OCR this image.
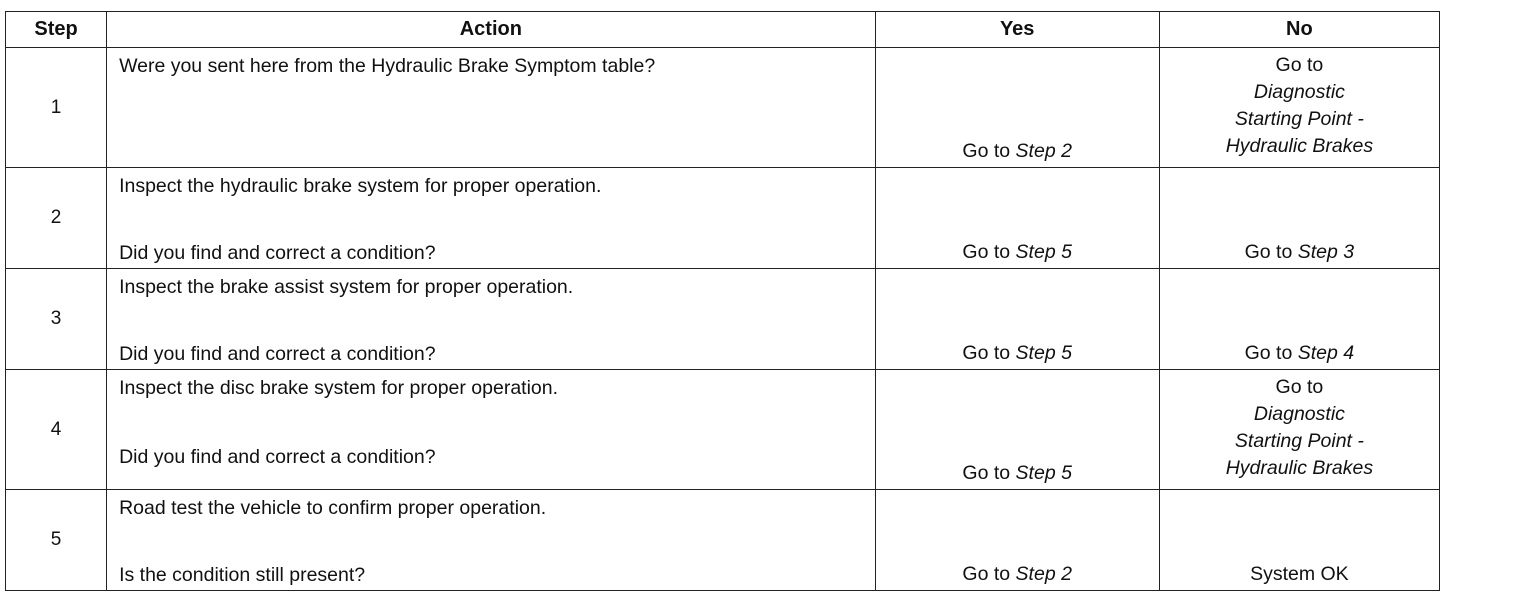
Step	Action	Yes	No
1	Were you sent here from the Hydraulic Brake Symptom table?	Go to Step 2	Go to
Diagnostic
Starting Point -
Hydraulic Brakes

2	Inspect the hydraulic brake system for proper operation.
Did you find and correct a condition?	Go to Step 5	Go to Step 3

3	Inspect the brake assist system for proper operation.
Did you find and correct a condition?	Go to Step 5	Go to Step 4

4	Inspect the disc brake system for proper operation.
Did you find and correct a condition?	Go to Step 5	Go to
Diagnostic
Starting Point -
Hydraulic Brakes

5	Road test the vehicle to confirm proper operation.
Is the condition still present?	Go to Step 2	System OK
